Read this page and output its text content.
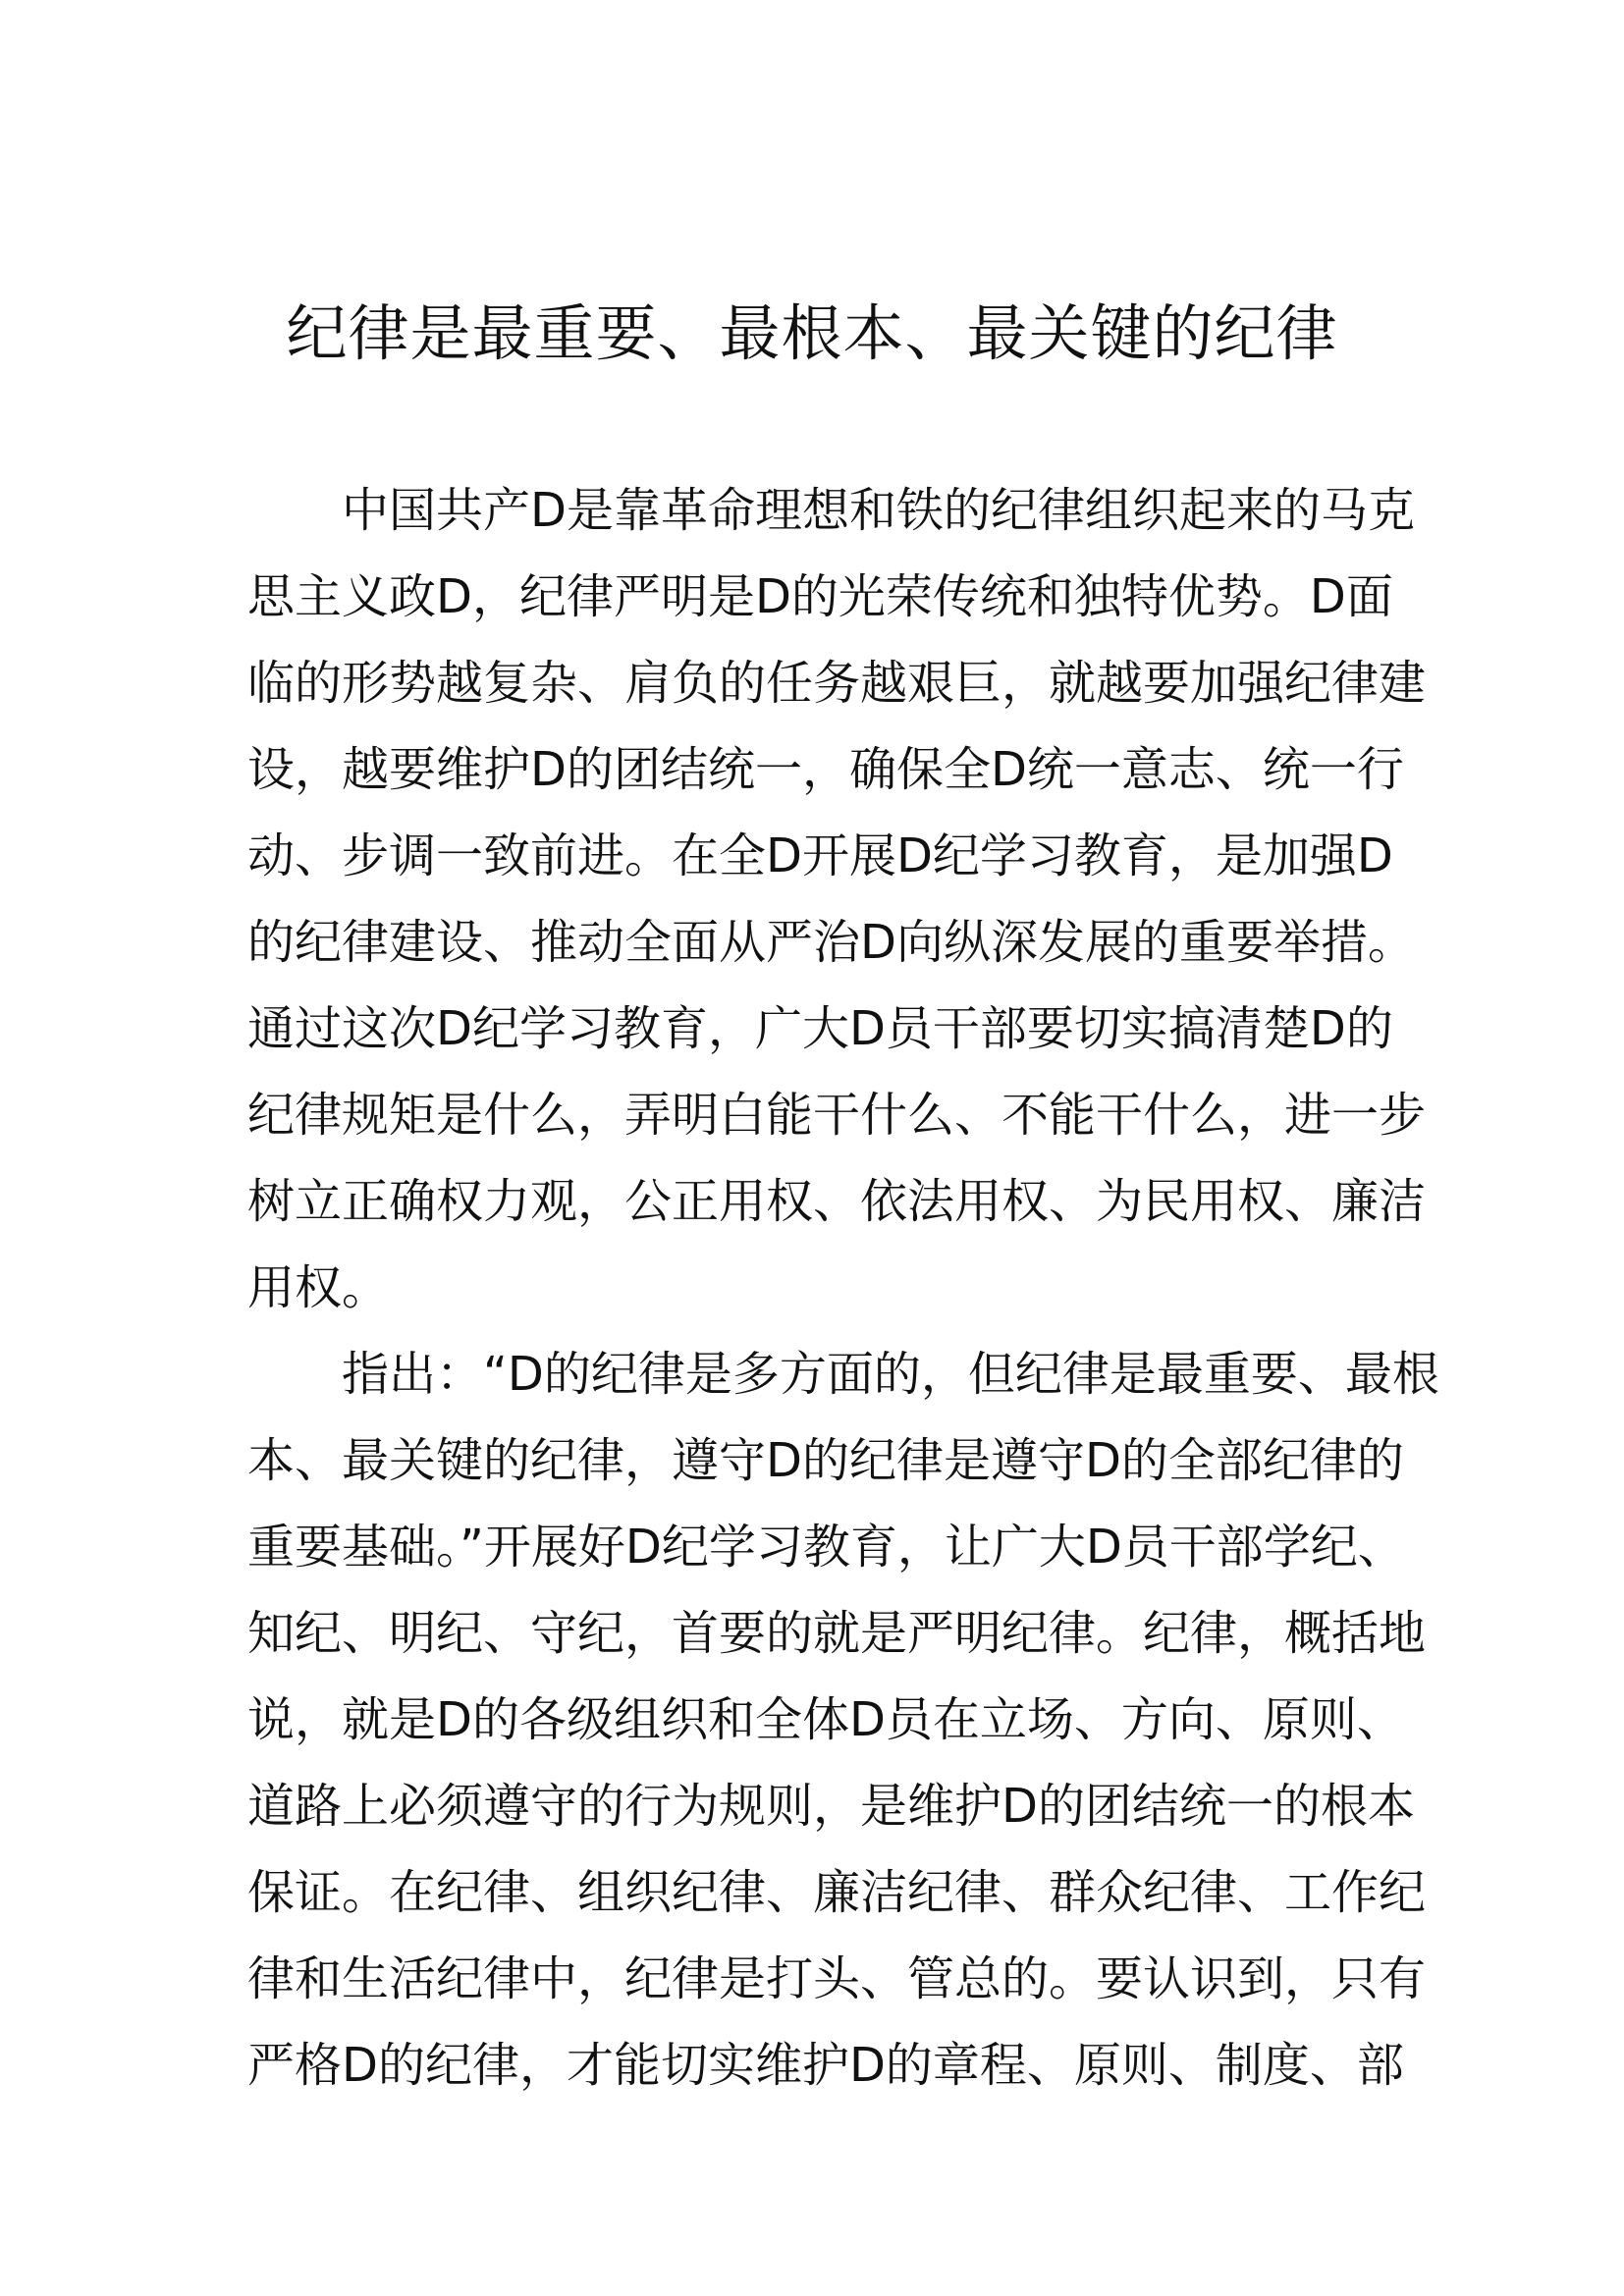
纪律是最重要、最根本、最关键的纪律
　　中国共产D是靠革命理想和铁的纪律组织起来的马克
思主义政D，纪律严明是D的光荣传统和独特优势。D面
临的形势越复杂、肩负的任务越艰巨，就越要加强纪律建
设，越要维护D的团结统一，确保全D统一意志、统一行
动、步调一致前进。在全D开展D纪学习教育，是加强D
的纪律建设、推动全面从严治D向纵深发展的重要举措。
通过这次D纪学习教育，广大D员干部要切实搞清楚D的
纪律规矩是什么，弄明白能干什么、不能干什么，进一步
树立正确权力观，公正用权、依法用权、为民用权、廉洁
用权。
　　指出：“D的纪律是多方面的，但纪律是最重要、最根
本、最关键的纪律，遵守D的纪律是遵守D的全部纪律的
重要基础。”开展好D纪学习教育，让广大D员干部学纪、
知纪、明纪、守纪，首要的就是严明纪律。纪律，概括地
说，就是D的各级组织和全体D员在立场、方向、原则、
道路上必须遵守的行为规则，是维护D的团结统一的根本
保证。在纪律、组织纪律、廉洁纪律、群众纪律、工作纪
律和生活纪律中，纪律是打头、管总的。要认识到，只有
严格D的纪律，才能切实维护D的章程、原则、制度、部
